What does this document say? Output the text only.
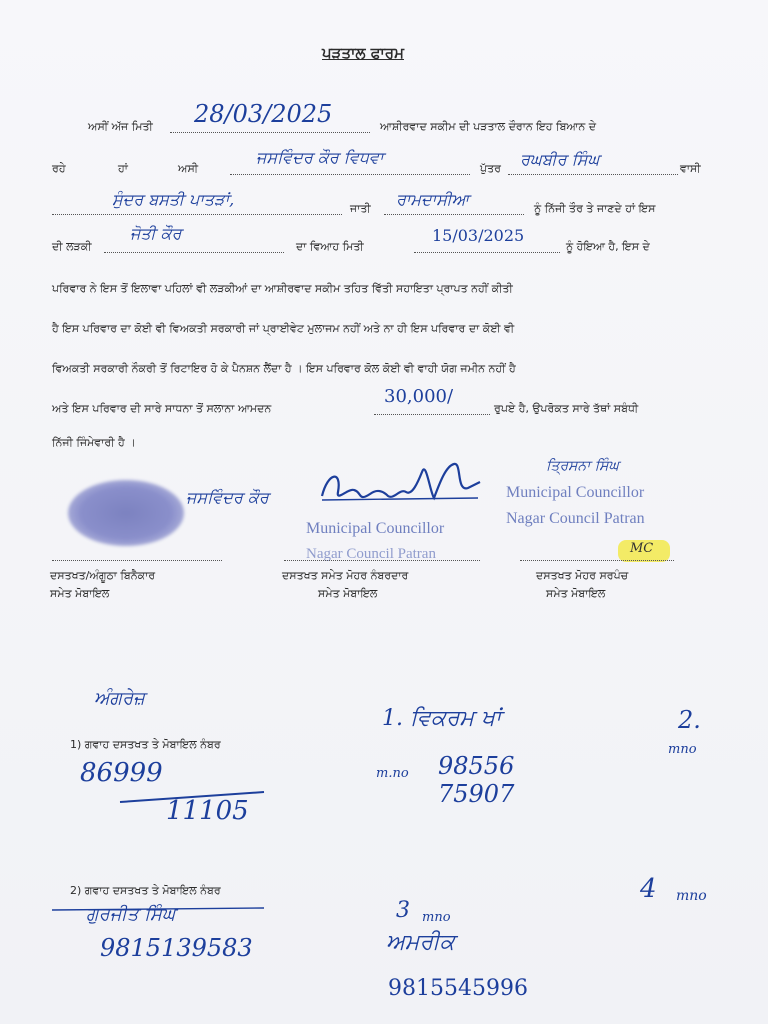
ਪੜਤਾਲ ਫਾਰਮ
ਅਸੀਂ ਅੱਜ ਮਿਤੀ 28/03/2025	ਆਸ਼ੀਰਵਾਦ ਸਕੀਮ ਦੀ ਪੜਤਾਲ ਦੌਰਾਨ ਇਹ ਬਿਆਨ ਦੇ
ਰਹੇ	ਹਾਂ	ਅਸੀ
ਜਸਵਿੰਦਰ ਕੌਰ ਵਿਧਵਾ
ਪੁੱਤਰ ਰਘਬੀਰ ਸਿੰਘ	ਵਾਸੀ
ਸੁੰਦਰ ਬਸਤੀ ਪਾਤੜਾਂ,	ਜਾਤੀ ਰਾਮਦਾਸੀਆ	ਨੂੰ ਨਿੱਜੀ ਤੌਰ ਤੇ ਜਾਣਦੇ ਹਾਂ ਇਸ
ਦੀ ਲੜਕੀ
ਜੋਤੀ ਕੌਰ
ਦਾ ਵਿਆਹ ਮਿਤੀ
15/03/2025
ਨੂੰ ਹੋਇਆ ਹੈ, ਇਸ ਦੇ
ਪਰਿਵਾਰ ਨੇ ਇਸ ਤੋਂ ਇਲਾਵਾ ਪਹਿਲਾਂ ਵੀ ਲੜਕੀਆਂ ਦਾ ਆਸ਼ੀਰਵਾਦ ਸਕੀਮ ਤਹਿਤ ਵਿੱਤੀ ਸਹਾਇਤਾ ਪ੍ਰਾਪਤ ਨਹੀਂ ਕੀਤੀ
ਹੈ ਇਸ ਪਰਿਵਾਰ ਦਾ ਕੋਈ ਵੀ ਵਿਅਕਤੀ ਸਰਕਾਰੀ ਜਾਂ ਪ੍ਰਾਈਵੇਟ ਮੁਲਾਜਮ ਨਹੀਂ ਅਤੇ ਨਾ ਹੀ ਇਸ ਪਰਿਵਾਰ ਦਾ ਕੋਈ ਵੀ
ਵਿਅਕਤੀ ਸਰਕਾਰੀ ਨੌਕਰੀ ਤੋਂ ਰਿਟਾਇਰ ਹੋ ਕੇ ਪੈਨਸ਼ਨ ਲੈਂਦਾ ਹੈ । ਇਸ ਪਰਿਵਾਰ ਕੋਲ ਕੋਈ ਵੀ ਵਾਹੀ ਯੋਗ ਜਮੀਨ ਨਹੀਂ ਹੈ
ਅਤੇ ਇਸ ਪਰਿਵਾਰ ਦੀ ਸਾਰੇ ਸਾਧਨਾ ਤੋਂ ਸਲਾਨਾ ਆਮਦਨ
30,000/
ਰੁਪਏ ਹੈ, ਉਪਰੋਕਤ ਸਾਰੇ ਤੱਥਾਂ ਸਬੰਧੀ
ਨਿੱਜੀ ਜਿੰਮੇਵਾਰੀ ਹੈ ।
ਜਸਵਿੰਦਰ ਕੌਰ
Municipal Councillor
Nagar Council Patran
ਤ੍ਰਿਸਨਾ ਸਿੰਘ
Municipal Councillor
Nagar Council Patran
MC
ਦਸਤਖਤ/ਅੰਗੂਠਾ ਬਿਨੈਕਾਰ
ਸਮੇਤ ਮੋਬਾਇਲ
ਦਸਤਖਤ ਸਮੇਤ ਮੋਹਰ ਨੰਬਰਦਾਰ
ਸਮੇਤ ਮੋਬਾਇਲ
ਦਸਤਖਤ ਮੋਹਰ ਸਰਪੰਚ
ਸਮੇਤ ਮੋਬਾਇਲ
ਅੰਗਰੇਜ਼
1) ਗਵਾਹ ਦਸਤਖਤ ਤੇ ਮੋਬਾਇਲ ਨੰਬਰ
86999
11105
1. ਵਿਕਰਮ ਖਾਂ
m.no 98556
75907
2.
mno
4 mno
2) ਗਵਾਹ ਦਸਤਖਤ ਤੇ ਮੋਬਾਇਲ ਨੰਬਰ
ਗੁਰਜੀਤ ਸਿੰਘ
9815139583
3 mno
ਅਮਰੀਕ
9815545996
